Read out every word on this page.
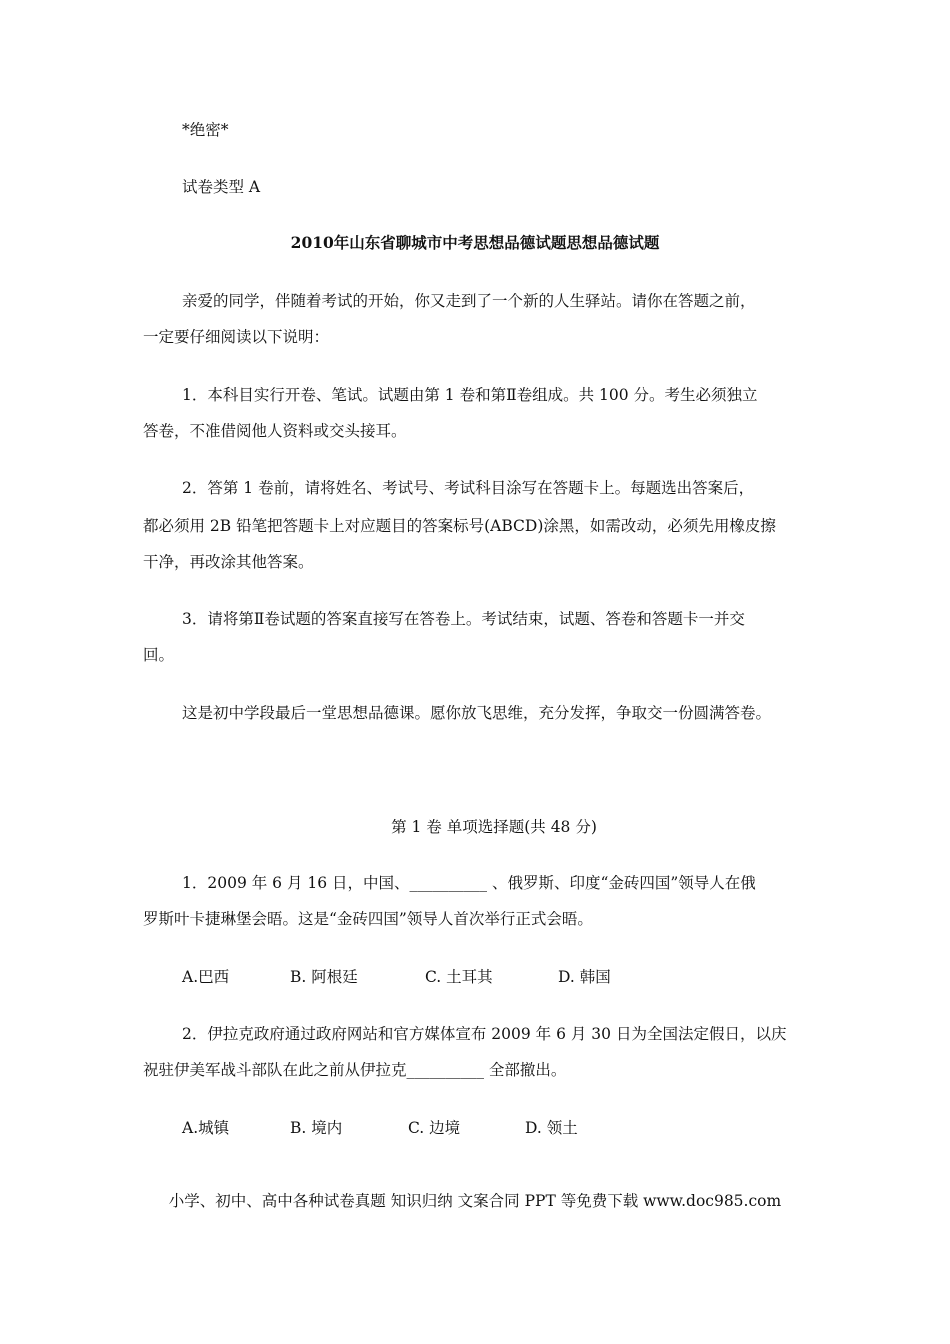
*绝密*
试卷类型 A
2010年山东省聊城市中考思想品德试题思想品德试题
亲爱的同学，伴随着考试的开始，你又走到了一个新的人生驿站。请你在答题之前，
一定要仔细阅读以下说明：
1．本科目实行开卷、笔试。试题由第 1 卷和第Ⅱ卷组成。共 100 分。考生必须独立
答卷，不准借阅他人资料或交头接耳。
2．答第 1 卷前，请将姓名、考试号、考试科目涂写在答题卡上。每题选出答案后，
都必须用 2B 铅笔把答题卡上对应题目的答案标号(ABCD)涂黑，如需改动，必须先用橡皮擦
干净，再改涂其他答案。
3．请将第Ⅱ卷试题的答案直接写在答卷上。考试结束，试题、答卷和答题卡一并交
回。
这是初中学段最后一堂思想品德课。愿你放飞思维，充分发挥，争取交一份圆满答卷。
第 1 卷 单项选择题(共 48 分)
1．2009 年 6 月 16 日，中国、__________ 、俄罗斯、印度“金砖四国”领导人在俄
罗斯叶卡捷琳堡会晤。这是“金砖四国”领导人首次举行正式会晤。
A.巴西	B. 阿根廷	C. 土耳其	D. 韩国
2．伊拉克政府通过政府网站和官方媒体宣布 2009 年 6 月 30 日为全国法定假日，以庆
祝驻伊美军战斗部队在此之前从伊拉克__________ 全部撤出。
A.城镇	B. 境内	C. 边境	D. 领土
小学、初中、高中各种试卷真题 知识归纳 文案合同 PPT 等免费下载 www.doc985.com
